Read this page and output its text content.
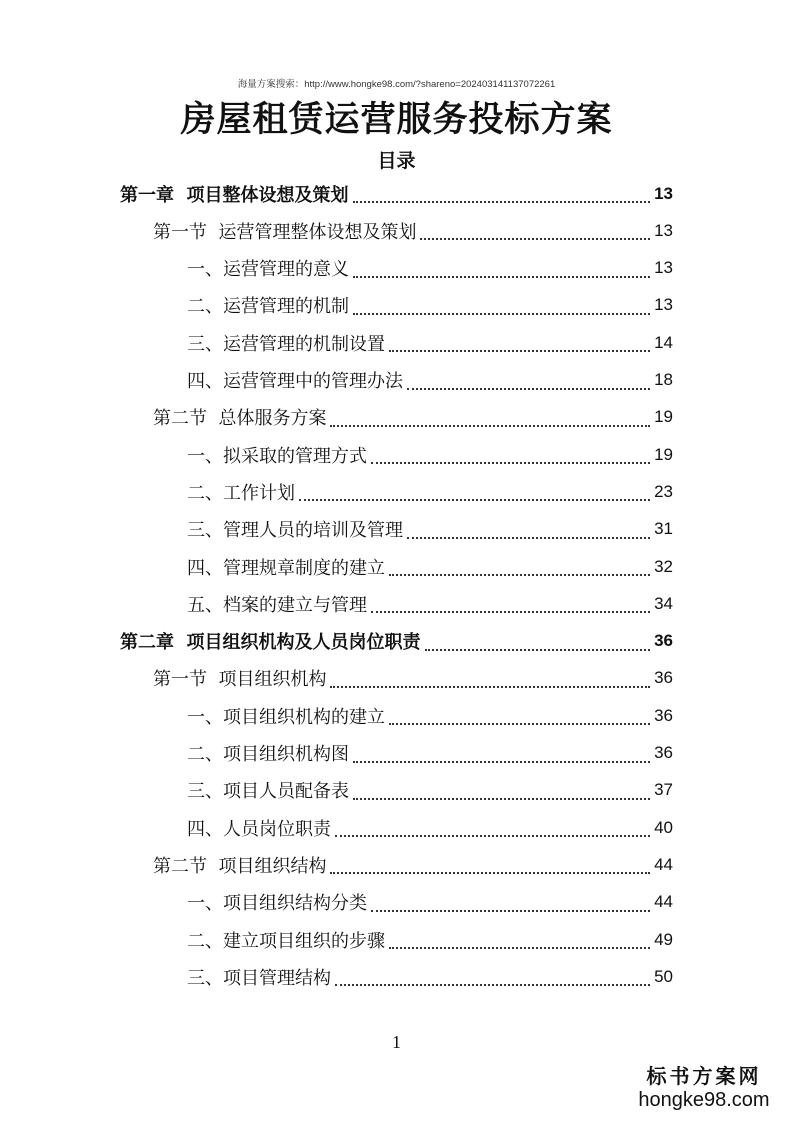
海量方案搜索：http://www.hongke98.com/?shareno=20240314113707226​1
房屋租赁运营服务投标方案
目录
第一章  项目整体设想及策划	13
第一节  运营管理整体设想及策划	13
一、运营管理的意义	13
二、运营管理的机制	13
三、运营管理的机制设置	14
四、运营管理中的管理办法	18
第二节  总体服务方案	19
一、拟采取的管理方式	19
二、工作计划	23
三、管理人员的培训及管理	31
四、管理规章制度的建立	32
五、档案的建立与管理	34
第二章  项目组织机构及人员岗位职责	36
第一节  项目组织机构	36
一、项目组织机构的建立	36
二、项目组织机构图	36
三、项目人员配备表	37
四、人员岗位职责	40
第二节  项目组织结构	44
一、项目组织结构分类	44
二、建立项目组织的步骤	49
三、项目管理结构	50
1
标书方案网
hongke98.com
